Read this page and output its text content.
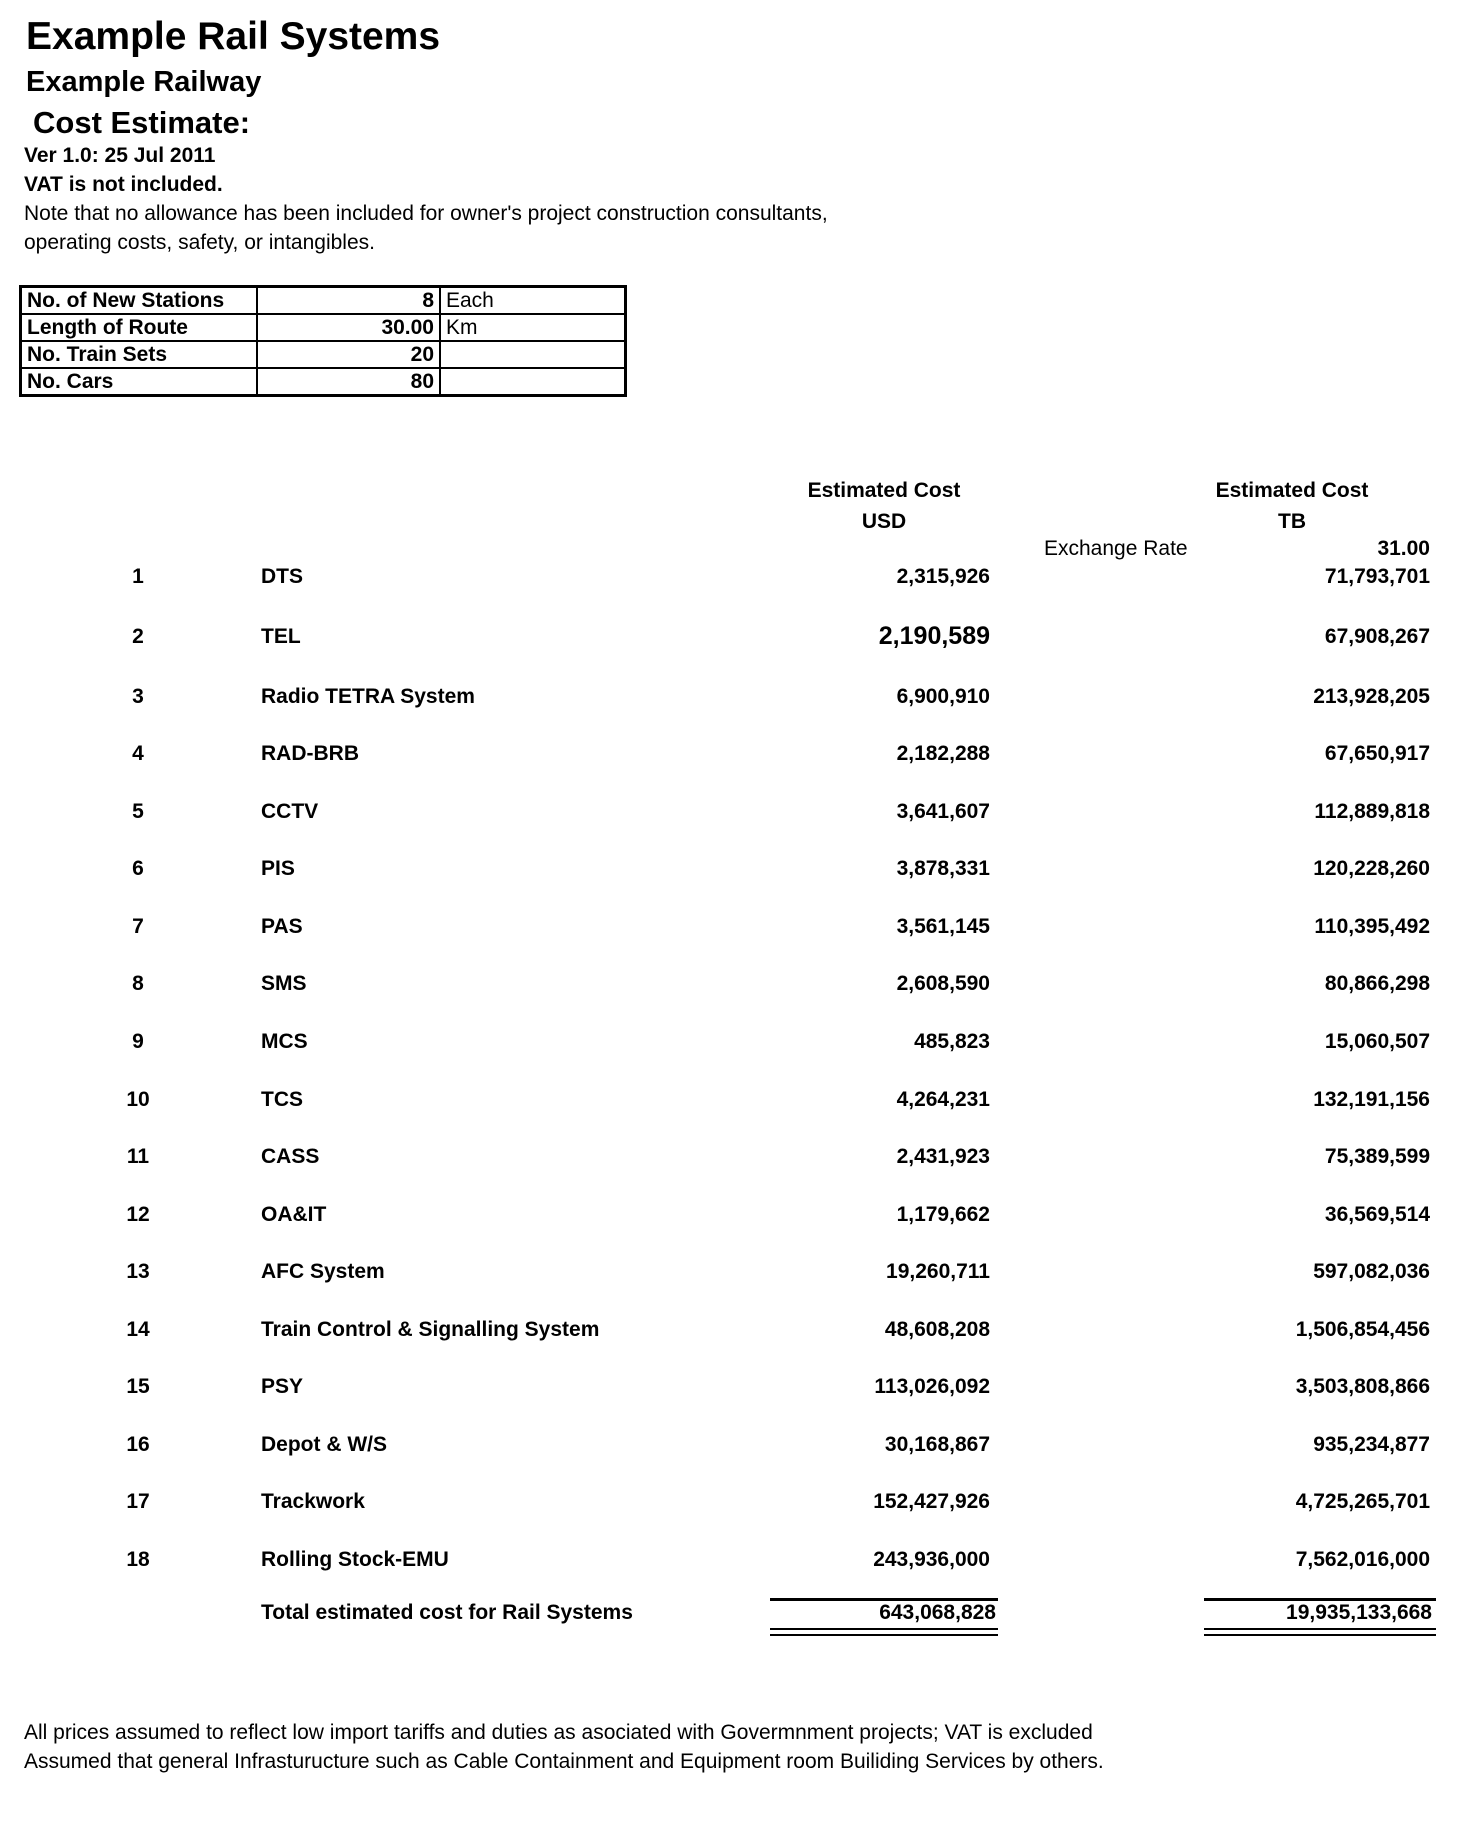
Example Rail Systems
Example Railway
Cost Estimate:
Ver 1.0: 25 Jul 2011
VAT is not included.
Note that no allowance has been included for owner's project construction consultants,
operating costs, safety, or intangibles.
No. of New Stations	8	Each
Length of Route	30.00	Km
No. Train Sets	20	
No. Cars	80	
Estimated Cost
USD
Estimated Cost
TB
Exchange Rate	31.00
1	DTS	2,315,926	71,793,701
2	TEL	2,190,589	67,908,267
3	Radio TETRA System	6,900,910	213,928,205
4	RAD-BRB	2,182,288	67,650,917
5	CCTV	3,641,607	112,889,818
6	PIS	3,878,331	120,228,260
7	PAS	3,561,145	110,395,492
8	SMS	2,608,590	80,866,298
9	MCS	485,823	15,060,507
10	TCS	4,264,231	132,191,156
11	CASS	2,431,923	75,389,599
12	OA&IT	1,179,662	36,569,514
13	AFC System	19,260,711	597,082,036
14	Train Control & Signalling System	48,608,208	1,506,854,456
15	PSY	113,026,092	3,503,808,866
16	Depot & W/S	30,168,867	935,234,877
17	Trackwork	152,427,926	4,725,265,701
18	Rolling Stock-EMU	243,936,000	7,562,016,000
Total estimated cost for Rail Systems	643,068,828	19,935,133,668
All prices assumed to reflect low import tariffs and duties as asociated with Govermnment projects; VAT is excluded
Assumed that general Infrasturucture such as Cable Containment and Equipment room Builiding Services by others.
